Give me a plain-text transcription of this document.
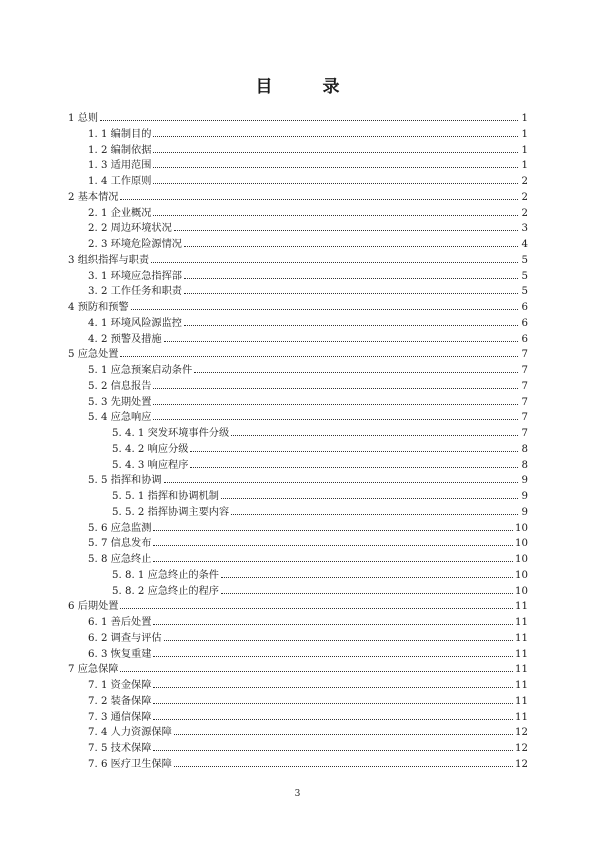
目 录
1 总则	1
1. 1 编制目的	1
1. 2 编制依据	1
1. 3 适用范围	1
1. 4 工作原则	2
2 基本情况	2
2. 1 企业概况	2
2. 2 周边环境状况	3
2. 3 环境危险源情况	4
3 组织指挥与职责	5
3. 1 环境应急指挥部	5
3. 2 工作任务和职责	5
4 预防和预警	6
4. 1 环境风险源监控	6
4. 2 预警及措施	6
5 应急处置	7
5. 1 应急预案启动条件	7
5. 2 信息报告	7
5. 3 先期处置	7
5. 4 应急响应	7
5. 4. 1 突发环境事件分级	7
5. 4. 2 响应分级	8
5. 4. 3 响应程序	8
5. 5 指挥和协调	9
5. 5. 1 指挥和协调机制	9
5. 5. 2 指挥协调主要内容	9
5. 6 应急监测	10
5. 7 信息发布	10
5. 8 应急终止	10
5. 8. 1 应急终止的条件	10
5. 8. 2 应急终止的程序	10
6 后期处置	11
6. 1 善后处置	11
6. 2 调查与评估	11
6. 3 恢复重建	11
7 应急保障	11
7. 1 资金保障	11
7. 2 装备保障	11
7. 3 通信保障	11
7. 4 人力资源保障	12
7. 5 技术保障	12
7. 6 医疗卫生保障	12
3
